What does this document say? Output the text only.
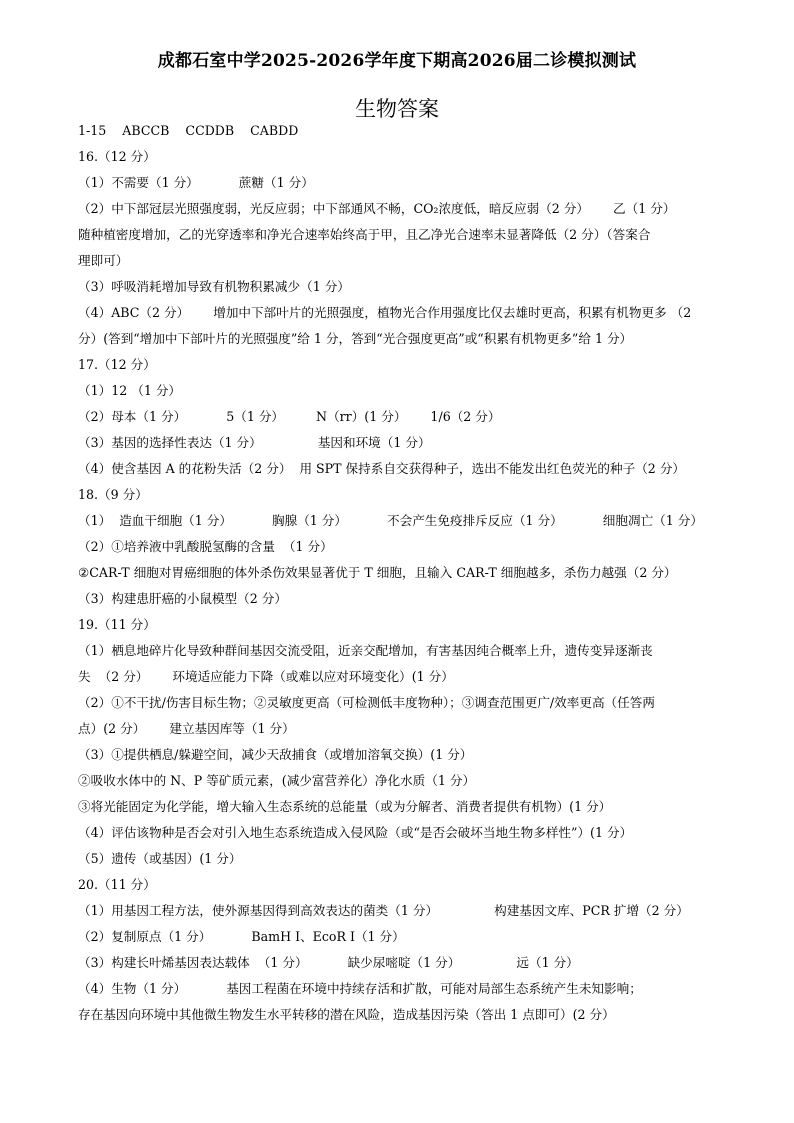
成都石室中学2025-2026学年度下期高2026届二诊模拟测试
生物答案
1-15    ABCCB    CCDDB    CABDD
16.（12 分）
（1）不需要（1 分）          蔗糖（1 分）
（2）中下部冠层光照强度弱，光反应弱；中下部通风不畅，CO₂浓度低，暗反应弱（2 分）      乙（1 分）
随种植密度增加，乙的光穿透率和净光合速率始终高于甲，且乙净光合速率未显著降低（2 分）（答案合
理即可）
（3）呼吸消耗增加导致有机物积累减少（1 分）
（4）ABC（2 分）      增加中下部叶片的光照强度，植物光合作用强度比仅去雄时更高，积累有机物更多 （2
分）(答到“增加中下部叶片的光照强度”给 1 分，答到“光合强度更高”或“积累有机物更多”给 1 分）
17.（12 分）
（1）12 （1 分）
（2）母本（1 分）          5（1 分）        N（rr）(1 分）      1/6（2 分）
（3）基因的选择性表达（1 分）              基因和环境（1 分）
（4）使含基因 A 的花粉失活（2 分）  用 SPT 保持系自交获得种子，选出不能发出红色荧光的种子（2 分）
18.（9 分）
（1）  造血干细胞（1 分）          胸腺（1 分）          不会产生免疫排斥反应（1 分）          细胞凋亡（1 分）
（2）①培养液中乳酸脱氢酶的含量  （1 分）
②CAR-T 细胞对胃癌细胞的体外杀伤效果显著优于 T 细胞，且输入 CAR-T 细胞越多，杀伤力越强（2 分）
（3）构建患肝癌的小鼠模型（2 分）
19.（11 分）
（1）栖息地碎片化导致种群间基因交流受阻，近亲交配增加，有害基因纯合概率上升，遗传变异逐渐丧
失  （2 分）      环境适应能力下降（或难以应对环境变化）(1 分）
（2）①不干扰/伤害目标生物；②灵敏度更高（可检测低丰度物种）；③调查范围更广/效率更高（任答两
点）(2 分）      建立基因库等（1 分）
（3）①提供栖息/躲避空间，减少天敌捕食（或增加溶氧交换）(1 分）
②吸收水体中的 N、P 等矿质元素，(减少富营养化）净化水质（1 分）
③将光能固定为化学能，增大输入生态系统的总能量（或为分解者、消费者提供有机物）(1 分）
（4）评估该物种是否会对引入地生态系统造成入侵风险（或“是否会破坏当地生物多样性”）(1 分）
（5）遗传（或基因）(1 分）
20.（11 分）
（1）用基因工程方法，使外源基因得到高效表达的菌类（1 分）              构建基因文库、PCR 扩增（2 分）
（2）复制原点（1 分）          BamH I、EcoR I（1 分）
（3）构建长叶烯基因表达载体  （1 分）          缺少尿嘧啶（1 分）              远（1 分）
（4）生物（1 分）          基因工程菌在环境中持续存活和扩散，可能对局部生态系统产生未知影响；
存在基因向环境中其他微生物发生水平转移的潜在风险，造成基因污染（答出 1 点即可）(2 分）
